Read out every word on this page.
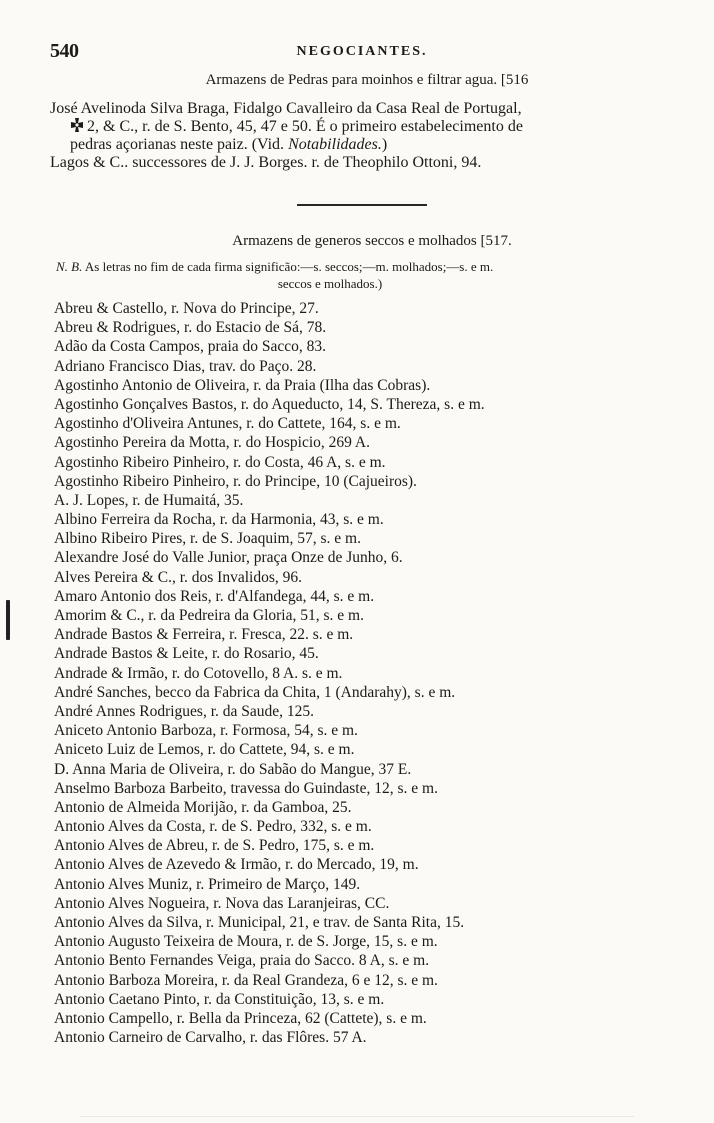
540	NEGOCIANTES.
Armazens de Pedras para moinhos e filtrar agua. [516
José Avelinoda Silva Braga, Fidalgo Cavalleiro da Casa Real de Portugal,
2, & C., r. de S. Bento, 45, 47 e 50. É o primeiro estabelecimento de
pedras açorianas neste paiz. (Vid. Notabilidades.)
Lagos & C.. successores de J. J. Borges. r. de Theophilo Ottoni, 94.
Armazens de generos seccos e molhados [517.
N. B. As letras no fim de cada firma significão:—s. seccos;—m. molhados;—s. e m.
seccos e molhados.)
Abreu & Castello, r. Nova do Principe, 27.
Abreu & Rodrigues, r. do Estacio de Sá, 78.
Adão da Costa Campos, praia do Sacco, 83.
Adriano Francisco Dias, trav. do Paço. 28.
Agostinho Antonio de Oliveira, r. da Praia (Ilha das Cobras).
Agostinho Gonçalves Bastos, r. do Aqueducto, 14, S. Thereza, s. e m.
Agostinho d'Oliveira Antunes, r. do Cattete, 164, s. e m.
Agostinho Pereira da Motta, r. do Hospicio, 269 A.
Agostinho Ribeiro Pinheiro, r. do Costa, 46 A, s. e m.
Agostinho Ribeiro Pinheiro, r. do Principe, 10 (Cajueiros).
A. J. Lopes, r. de Humaitá, 35.
Albino Ferreira da Rocha, r. da Harmonia, 43, s. e m.
Albino Ribeiro Pires, r. de S. Joaquim, 57, s. e m.
Alexandre José do Valle Junior, praça Onze de Junho, 6.
Alves Pereira & C., r. dos Invalidos, 96.
Amaro Antonio dos Reis, r. d'Alfandega, 44, s. e m.
Amorim & C., r. da Pedreira da Gloria, 51, s. e m.
Andrade Bastos & Ferreira, r. Fresca, 22. s. e m.
Andrade Bastos & Leite, r. do Rosario, 45.
Andrade & Irmão, r. do Cotovello, 8 A. s. e m.
André Sanches, becco da Fabrica da Chita, 1 (Andarahy), s. e m.
André Annes Rodrigues, r. da Saude, 125.
Aniceto Antonio Barboza, r. Formosa, 54, s. e m.
Aniceto Luiz de Lemos, r. do Cattete, 94, s. e m.
D. Anna Maria de Oliveira, r. do Sabão do Mangue, 37 E.
Anselmo Barboza Barbeito, travessa do Guindaste, 12, s. e m.
Antonio de Almeida Morijão, r. da Gamboa, 25.
Antonio Alves da Costa, r. de S. Pedro, 332, s. e m.
Antonio Alves de Abreu, r. de S. Pedro, 175, s. e m.
Antonio Alves de Azevedo & Irmão, r. do Mercado, 19, m.
Antonio Alves Muniz, r. Primeiro de Março, 149.
Antonio Alves Nogueira, r. Nova das Laranjeiras, CC.
Antonio Alves da Silva, r. Municipal, 21, e trav. de Santa Rita, 15.
Antonio Augusto Teixeira de Moura, r. de S. Jorge, 15, s. e m.
Antonio Bento Fernandes Veiga, praia do Sacco. 8 A, s. e m.
Antonio Barboza Moreira, r. da Real Grandeza, 6 e 12, s. e m.
Antonio Caetano Pinto, r. da Constituição, 13, s. e m.
Antonio Campello, r. Bella da Princeza, 62 (Cattete), s. e m.
Antonio Carneiro de Carvalho, r. das Flôres. 57 A.
